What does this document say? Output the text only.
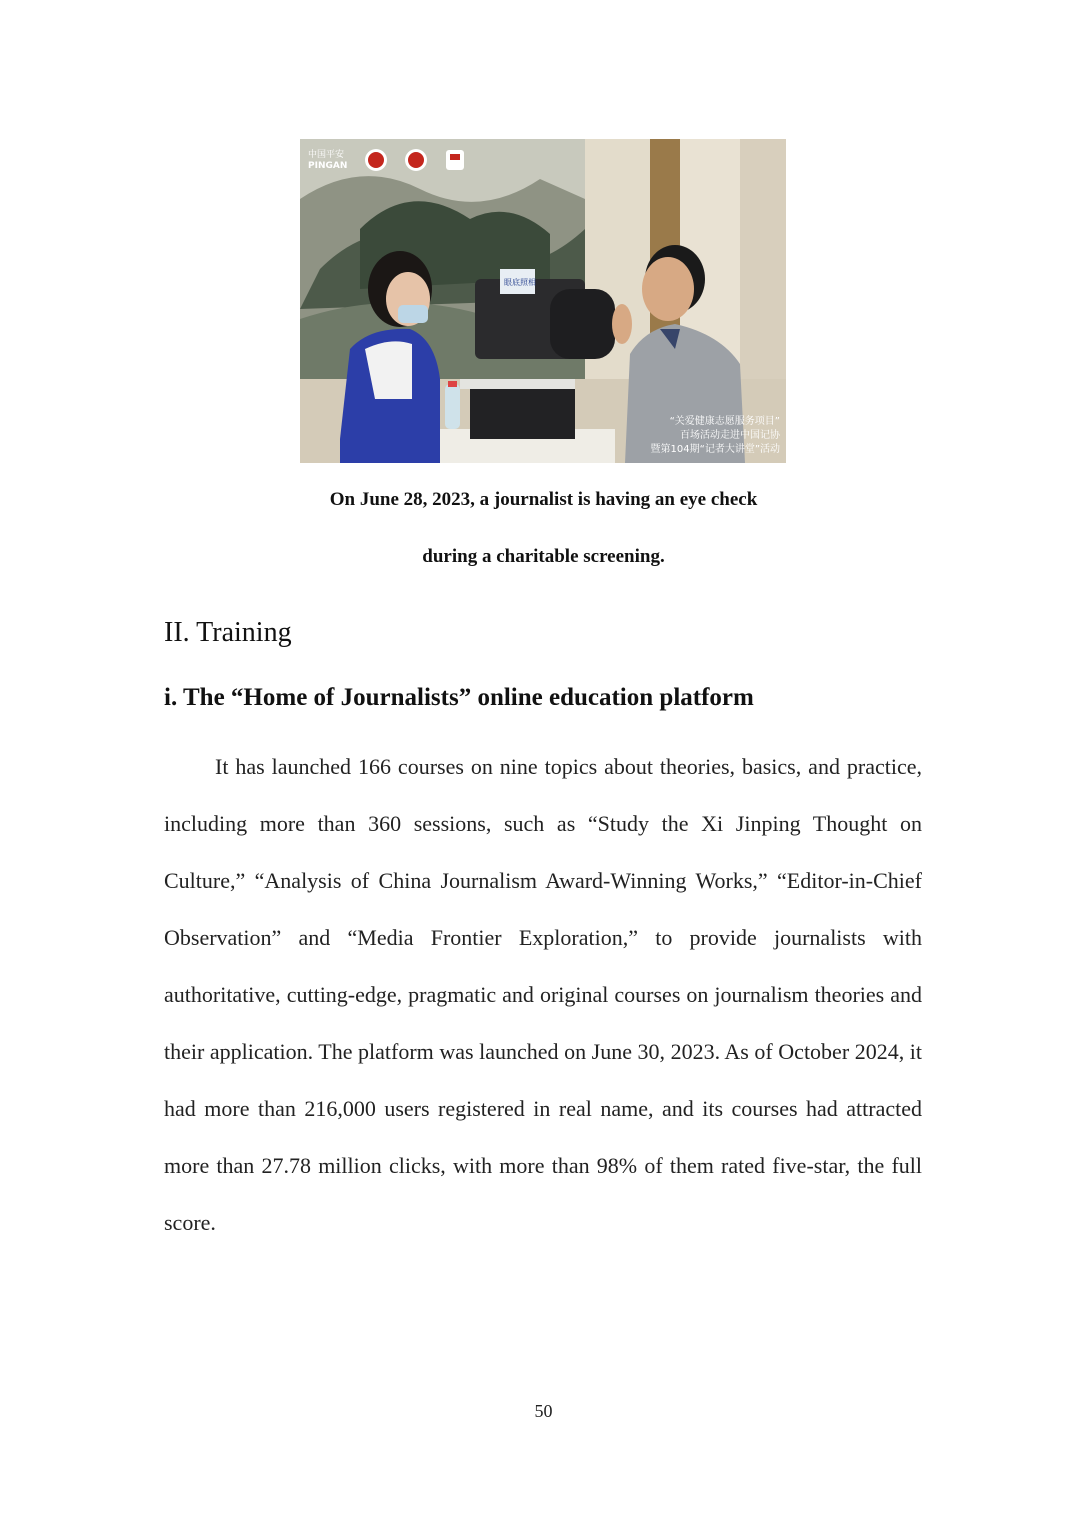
中国平安
PINGAN
眼底照相
“关爱健康志愿服务项目”
百场活动走进中国记协
暨第104期“记者大讲堂”活动

On June 28, 2023, a journalist is having an eye check

during a charitable screening.

II. Training
i. The “Home of Journalists” online education platform

It has launched 166 courses on nine topics about theories, basics, and practice, including more than 360 sessions, such as “Study the Xi Jinping Thought on Culture,” “Analysis of China Journalism Award-Winning Works,” “Editor-in-Chief Observation” and “Media Frontier Exploration,” to provide journalists with authoritative, cutting-edge, pragmatic and original courses on journalism theories and their application. The platform was launched on June 30, 2023. As of October 2024, it had more than 216,000 users registered in real name, and its courses had attracted more than 27.78 million clicks, with more than 98% of them rated five-star, the full score.

50
